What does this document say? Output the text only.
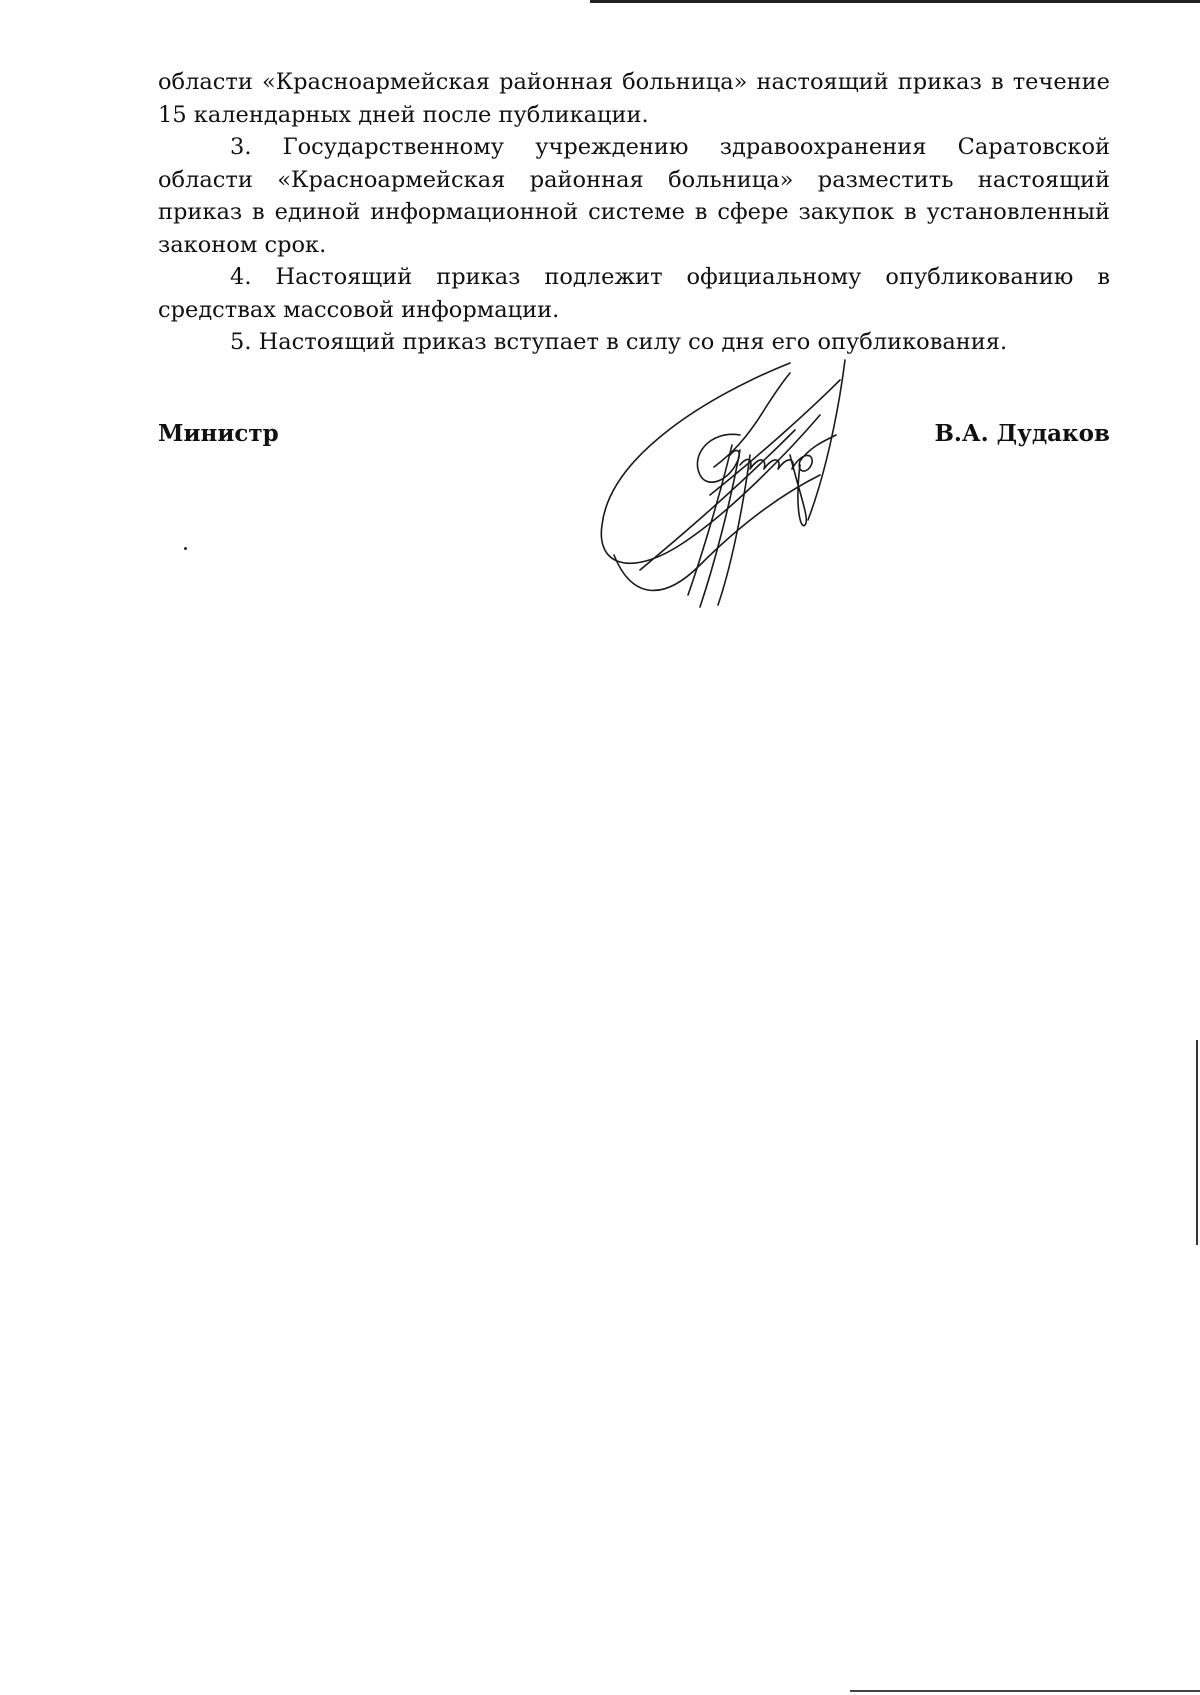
области «Красноармейская районная больница» настоящий приказ в течение 15 календарных дней после публикации.

3. Государственному учреждению здравоохранения Саратовской области «Красноармейская районная больница» разместить настоящий приказ в единой информационной системе в сфере закупок в установленный законом срок.

4. Настоящий приказ подлежит официальному опубликованию в средствах массовой информации.

5. Настоящий приказ вступает в силу со дня его опубликования.

Министр	В.А. Дудаков
